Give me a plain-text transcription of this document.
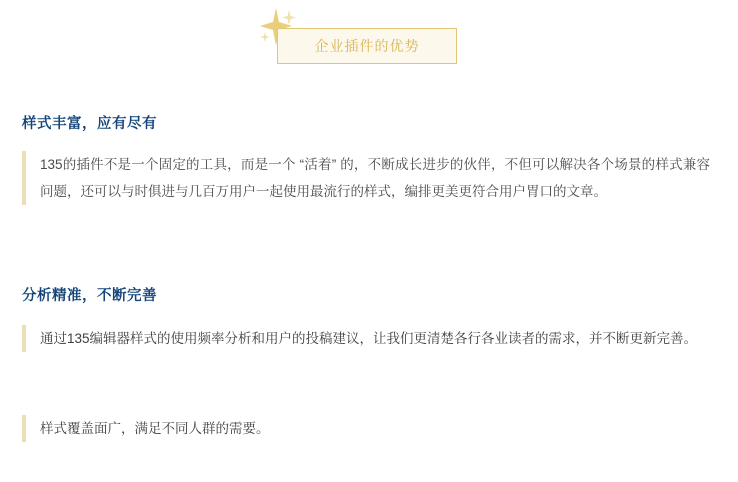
企业插件的优势
样式丰富，应有尽有

135的插件不是一个固定的工具，而是一个 “活着” 的，不断成长进步的伙伴，不但可以解决各个场景的样式兼容问题，还可以与时俱进与几百万用户一起使用最流行的样式，编排更美更符合用户胃口的文章。

分析精准，不断完善

通过135编辑器样式的使用频率分析和用户的投稿建议，让我们更清楚各行各业读者的需求，并不断更新完善。

样式覆盖面广，满足不同人群的需要。
